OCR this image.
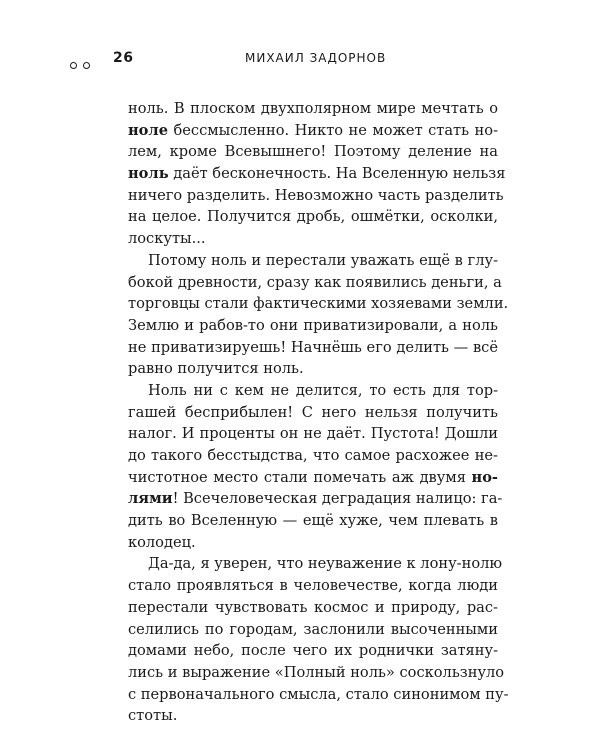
26	МИХАИЛ ЗАДОРНОВ
ноль. В плоском двухполярном мире мечтать о
ноле бессмысленно. Никто не может стать но-
лем, кроме Всевышнего! Поэтому деление на
ноль даёт бесконечность. На Вселенную нельзя
ничего разделить. Невозможно часть разделить
на целое. Получится дробь, ошмётки, осколки,
лоскуты...
Потому ноль и перестали уважать ещё в глу-
бокой древности, сразу как появились деньги, а
торговцы стали фактическими хозяевами земли.
Землю и рабов-то они приватизировали, а ноль
не приватизируешь! Начнёшь его делить — всё
равно получится ноль.
Ноль ни с кем не делится, то есть для тор-
гашей бесприбылен! С него нельзя получить
налог. И проценты он не даёт. Пустота! Дошли
до такого бесстыдства, что самое расхожее не-
чистотное место стали помечать аж двумя но-
лями! Всечеловеческая деградация налицо: га-
дить во Вселенную — ещё хуже, чем плевать в
колодец.
Да-да, я уверен, что неуважение к лону-нолю
стало проявляться в человечестве, когда люди
перестали чувствовать космос и природу, рас-
селились по городам, заслонили высоченными
домами небо, после чего их роднички затяну-
лись и выражение «Полный ноль» соскользнуло
с первоначального смысла, стало синонимом пу-
стоты.
